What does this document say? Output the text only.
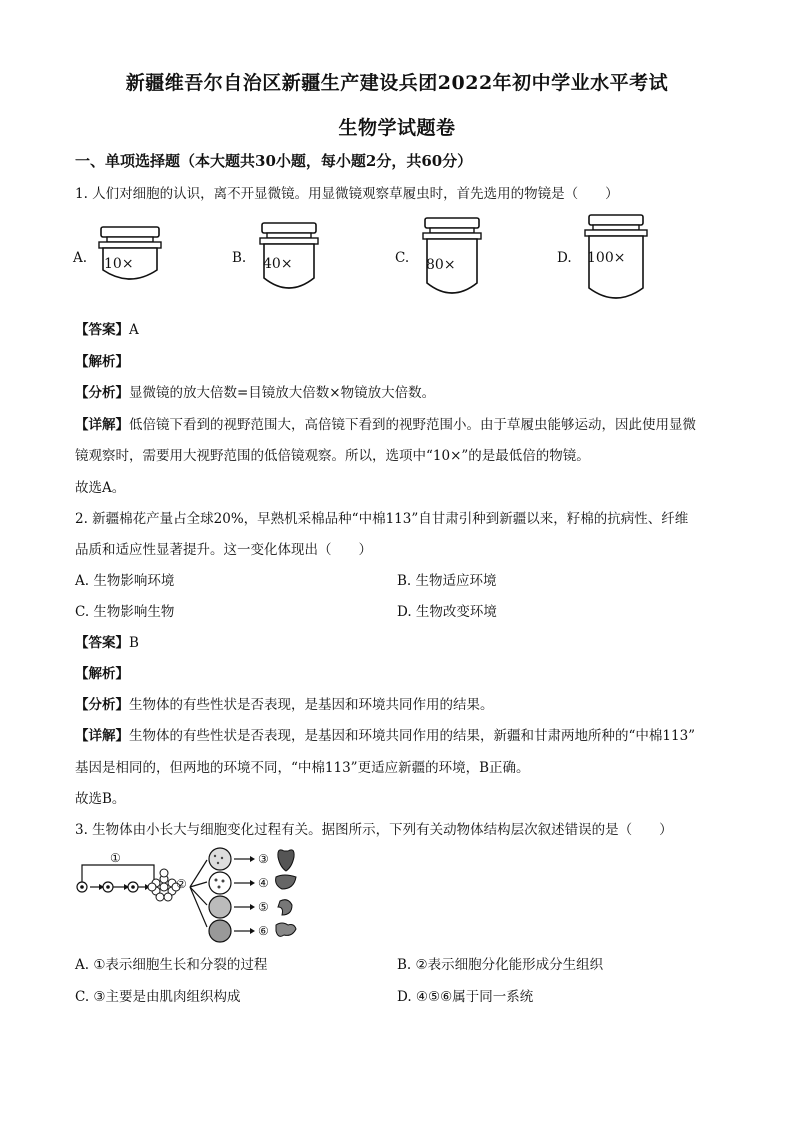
新疆维吾尔自治区新疆生产建设兵团2022年初中学业水平考试
生物学试题卷
一、单项选择题（本大题共30小题，每小题2分，共60分）
1. 人们对细胞的认识，离不开显微镜。用显微镜观察草履虫时，首先选用的物镜是（　　）
A. 10×	B. 40×	C. 80×	D. 100×
【答案】A
【解析】
【分析】显微镜的放大倍数=目镜放大倍数×物镜放大倍数。
【详解】低倍镜下看到的视野范围大，高倍镜下看到的视野范围小。由于草履虫能够运动，因此使用显微
镜观察时，需要用大视野范围的低倍镜观察。所以，选项中“10×”的是最低倍的物镜。
故选A。
2. 新疆棉花产量占全球20%，早熟机采棉品种“中棉113”自甘肃引种到新疆以来，籽棉的抗病性、纤维
品质和适应性显著提升。这一变化体现出（　　）
A. 生物影响环境	B. 生物适应环境
C. 生物影响生物	D. 生物改变环境
【答案】B
【解析】
【分析】生物体的有些性状是否表现，是基因和环境共同作用的结果。
【详解】生物体的有些性状是否表现，是基因和环境共同作用的结果，新疆和甘肃两地所种的“中棉113”
基因是相同的，但两地的环境不同，“中棉113”更适应新疆的环境，B正确。
故选B。
3. 生物体由小长大与细胞变化过程有关。据图所示，下列有关动物体结构层次叙述错误的是（　　）
①
②
③
④
⑤
⑥
A. ①表示细胞生长和分裂的过程	B. ②表示细胞分化能形成分生组织
C. ③主要是由肌肉组织构成	D. ④⑤⑥属于同一系统
